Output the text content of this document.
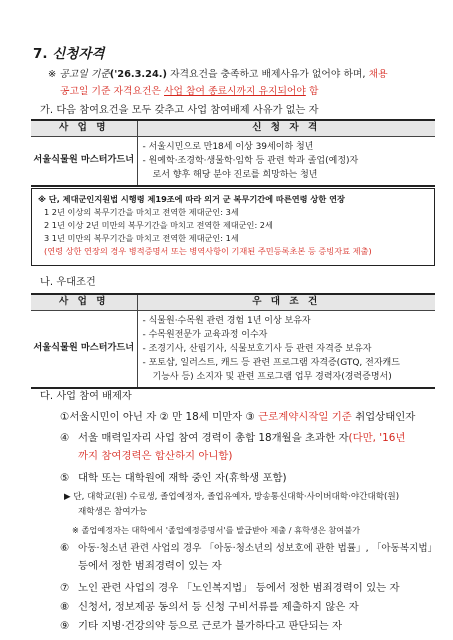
7. 신청자격
※ 공고일 기준('26.3.24.) 자격요건을 충족하고 배제사유가 없어야 하며, 채용
공고일 기준 자격요건은 사업 참여 종료시까지 유지되어야 함
가. 다음 참여요건을 모두 갖추고 사업 참여배제 사유가 없는 자
사 업 명	신 청 자 격
서울식물원 마스터가드너	- 서울시민으로 만18세 이상 39세이하 청년
- 원예학·조경학·생물학·임학 등 관련 학과 졸업(예정)자
로서 향후 해당 분야 진로를 희망하는 청년
※ 단, 제대군인지원법 시행령 제19조에 따라 의거 군 복무기간에 따른연령 상한 연장
1 2년 이상의 복무기간을 마치고 전역한 제대군인: 3세
2 1년 이상 2년 미만의 복무기간을 마치고 전역한 제대군인: 2세
3 1년 미만의 복무기간을 마치고 전역한 제대군인: 1세
(연령 상한 연장의 경우 병적증명서 또는 병역사항이 기재된 주민등록초본 등 증빙자료 제출)
나. 우대조건
사 업 명	우 대 조 건
서울식물원 마스터가드너	- 식물원·수목원 관련 경험 1년 이상 보유자
- 수목원전문가 교육과정 이수자
- 조경기사, 산림기사, 식물보호기사 등 관련 자격증 보유자
- 포토샵, 일러스트, 캐드 등 관련 프로그램 자격증(GTQ, 전자캐드
기능사 등) 소지자 및 관련 프로그램 업무 경력자(경력증명서)
다. 사업 참여 배제자
①서울시민이 아닌 자 ② 만 18세 미만자 ③ 근로계약시작일 기준 취업상태인자
④ 서울 매력일자리 사업 참여 경력이 총합 18개월을 초과한 자(다만, '16년
까지 참여경력은 합산하지 아니함)
⑤ 대학 또는 대학원에 재학 중인 자(휴학생 포함)
▶ 단, 대학교(원) 수료생, 졸업예정자, 졸업유예자, 방송통신대학·사이버대학·야간대학(원)
재학생은 참여가능
※ 졸업예정자는 대학에서 '졸업예정증명서'를 발급받아 제출 / 휴학생은 참여불가
⑥ 아동·청소년 관련 사업의 경우 「아동·청소년의 성보호에 관한 법률」, 「아동복지법」
등에서 정한 범죄경력이 있는 자
⑦ 노인 관련 사업의 경우 「노인복지법」 등에서 정한 범죄경력이 있는 자
⑧ 신청서, 정보제공 동의서 등 신청 구비서류를 제출하지 않은 자
⑨ 기타 지병·건강의약 등으로 근로가 불가하다고 판단되는 자
